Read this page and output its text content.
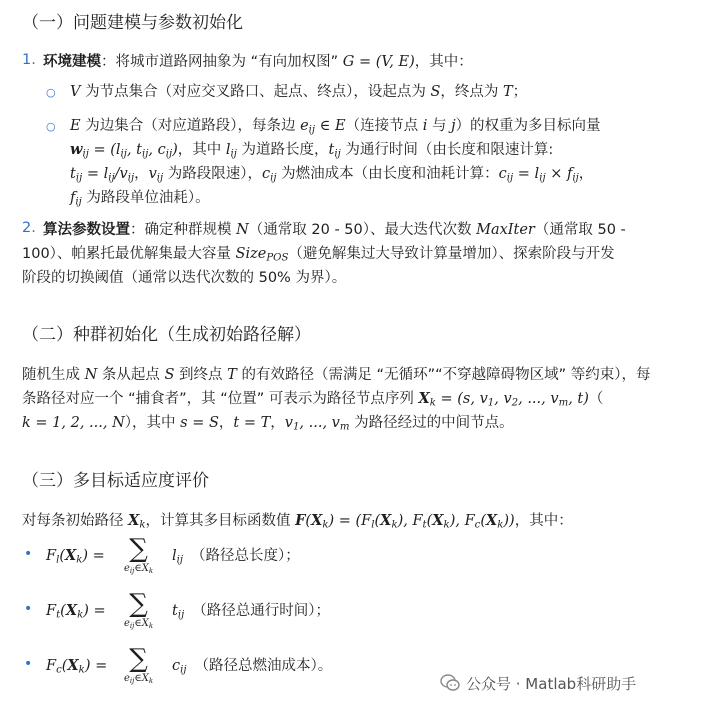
（一）问题建模与参数初始化
1. 环境建模：将城市道路网抽象为 “有向加权图” G = (V, E)，其中：
○ V 为节点集合（对应交叉路口、起点、终点），设起点为 S，终点为 T；
○ E 为边集合（对应道路段），每条边 $e_{ij}$ ∈ E（连接节点 i 与 j）的权重为多目标向量
$w_{ij} = (l_{ij}$, $t_{ij}$, $c_{ij}$)，其中 $l_{ij}$ 为道路长度，$t_{ij}$ 为通行时间（由长度和限速计算:
$t_{ij} = l_{ij}/v_{ij}$，$v_{ij}$ 为路段限速），$c_{ij}$ 为燃油成本（由长度和油耗计算：$c_{ij} = l_{ij} \times f_{ij}$，
$f_{ij}$ 为路段单位油耗）。
2. 算法参数设置：确定种群规模 N（通常取 20 - 50）、最大迭代次数 MaxIter（通常取 50 -
100）、帕累托最优解集最大容量 Size$_{POS}$（避免解集过大导致计算量增加）、探索阶段与开发
阶段的切换阈值（通常以迭代次数的 50% 为界）。
（二）种群初始化（生成初始路径解）
随机生成 N 条从起点 S 到终点 T 的有效路径（需满足 “无循环”“不穿越障碍物区域” 等约束），每
条路径对应一个 “捕食者”，其 “位置” 可表示为路径节点序列 $X_k = (s$, $v_1$, $v_2$, ..., $v_m$, t)（
k = 1, 2, ..., N），其中 s = S，t = T，$v_1$, ..., $v_m$ 为路径经过的中间节点。
（三）多目标适应度评价
对每条初始路径 $X_k$，计算其多目标函数值 $F(X_k) = (F_l(X_k)$, $F_t(X_k)$, $F_c(X_k)$)，其中：
• $F_l(X_k)$ = ∑
$e_{ij}\in X_k$
$l_{ij}$ （路径总长度）；
• $F_t(X_k)$ = ∑
$e_{ij}\in X_k$
$t_{ij}$ （路径总通行时间）；
• $F_c(X_k)$ = ∑
$e_{ij}\in X_k$
$c_{ij}$ （路径总燃油成本）。
公众号 · Matlab科研助手
